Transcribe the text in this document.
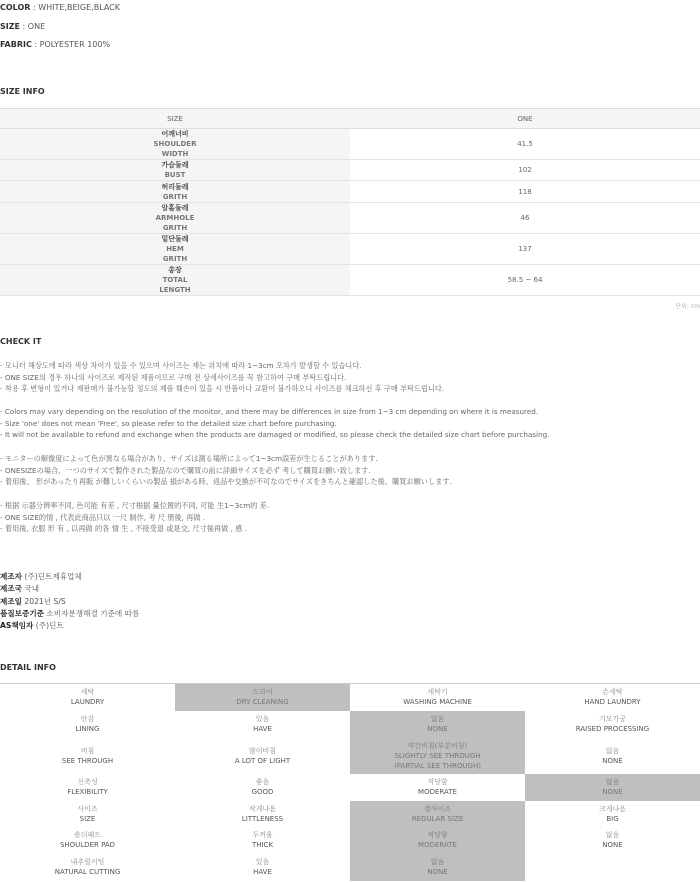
COLOR : WHITE,BEIGE,BLACK
SIZE : ONE
FABRIC : POLYESTER 100%
SIZE INFO
SIZE	ONE

어깨너비
SHOULDER
WIDTH	41.5

가슴둘레
BUST	102

허리둘레
GRITH	118

암홀둘레
ARMHOLE
GRITH	46

밑단둘레
HEM
GRITH	137

총장
TOTAL
LENGTH	58.5 ~ 64
단위: cm
CHECK IT
- 모니터 해상도에 따라 색상 차이가 있을 수 있으며 사이즈는 재는 위치에 따라 1~3cm 오차가 발생할 수 있습니다.
- ONE SIZE의 경우 하나의 사이즈로 제작된 제품이므로 구매 전 상세사이즈를 꼭 참고하여 구매 부탁드립니다.
- 착용 후 변형이 있거나 재판매가 불가능할 정도의 제품 훼손이 있을 시 반품이나 교환이 불가하오니 사이즈를 체크하신 후 구매 부탁드립니다.
- Colors may vary depending on the resolution of the monitor, and there may be differences in size from 1~3 cm depending on where it is measured.
- Size 'one' does not mean 'Free', so please refer to the detailed size chart before purchasing.
- It will not be available to refund and exchange when the products are damaged or modified, so please check the detailed size chart before purchasing.
- モニターの解像度によって色が異なる場合があり、サイズは測る場所によって1~3cm誤差が生じることがあります.
- ONESIZEの場合、一つのサイズで製作された製品なので購買の前に詳細サイズを必ず 考して購買お願い致します.
- 着用後、 形があったり再販 が難しいくらいの製品 損がある時、返品や交換が不可なのでサイズをきちんと確認した後、購買お願いします.
- 根据 示器分辨率不同, 色可能 有差 , 尺寸根据 量位置的不同, 可能 生1~3cm的 差.
- ONE SIZE的情 , 代表此商品只以 一尺 制作, 考 尺 册後, 再做 .
- 着用後, 衣服 形 有 , 以再做 的各 情 生 , 不接受退 或是交, 尺寸後再做 , 感 .
제조자 (주)딘트제휴업체
제조국 국내
제조일 2021년 S/S
품질보증기준 소비자분쟁해결 기준에 따름
AS책임자 (주)딘트
DETAIL INFO
세탁
LAUNDRY	드라이
DRY CLEANING	세탁기
WASHING MACHINE	손세탁
HAND LAUNDRY

안감
LINING	있음
HAVE	없음
NONE	기모가공
RAISED PROCESSING

비침
SEE THROUGH	많이비침
A LOT OF LIGHT	약간비침(부분비침)
SLIGHTLY SEE THROUGH
(PARTIAL SEE THROUGH)	없음
NONE

신축성
FLEXIBILITY	좋음
GOOD	적당함
MODERATE	없음
NONE

사이즈
SIZE	작게나옴
LITTLENESS	정사이즈
REGULAR SIZE	크게나옴
BIG

숄더패드
SHOULDER PAD	두꺼움
THICK	적당함
MODERATE	없음
NONE

내추럴커팅
NATURAL CUTTING	있음
HAVE	없음
NONE	
